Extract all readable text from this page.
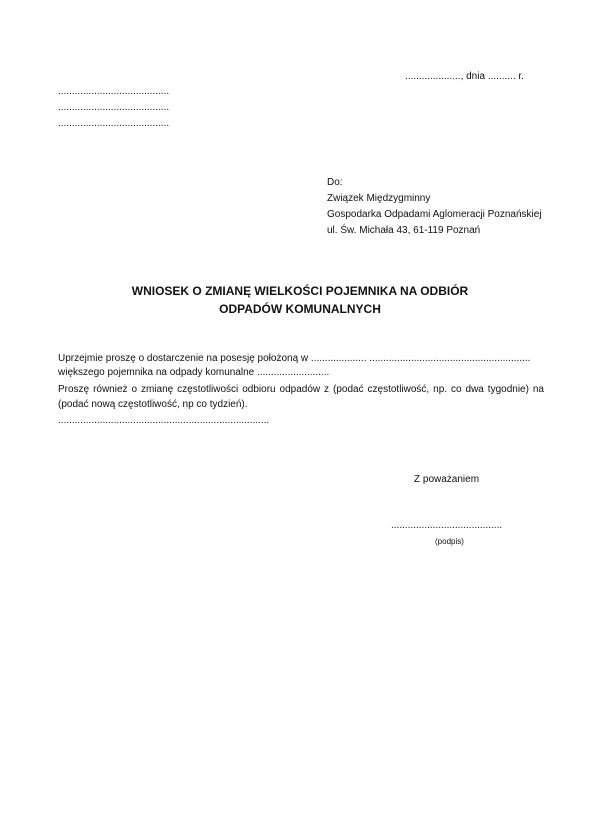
...................., dnia .......... r.
........................................
........................................
........................................
Do:
Związek Międzygminny
Gospodarka Odpadami Aglomeracji Poznańskiej
ul. Św. Michała 43, 61-119 Poznań
WNIOSEK O ZMIANĘ WIELKOŚCI POJEMNIKA NA ODBIÓR
ODPADÓW KOMUNALNYCH
Uprzejmie proszę o dostarczenie na posesję położoną w .................... ..........................................................
większego pojemnika na odpady komunalne ..........................
Proszę również o zmianę częstotliwości odbioru odpadów z (podać częstotliwość, np. co dwa tygodnie) na
(podać nową częstotliwość, np co tydzień).
............................................................................
Z poważaniem
........................................
(podpis)
